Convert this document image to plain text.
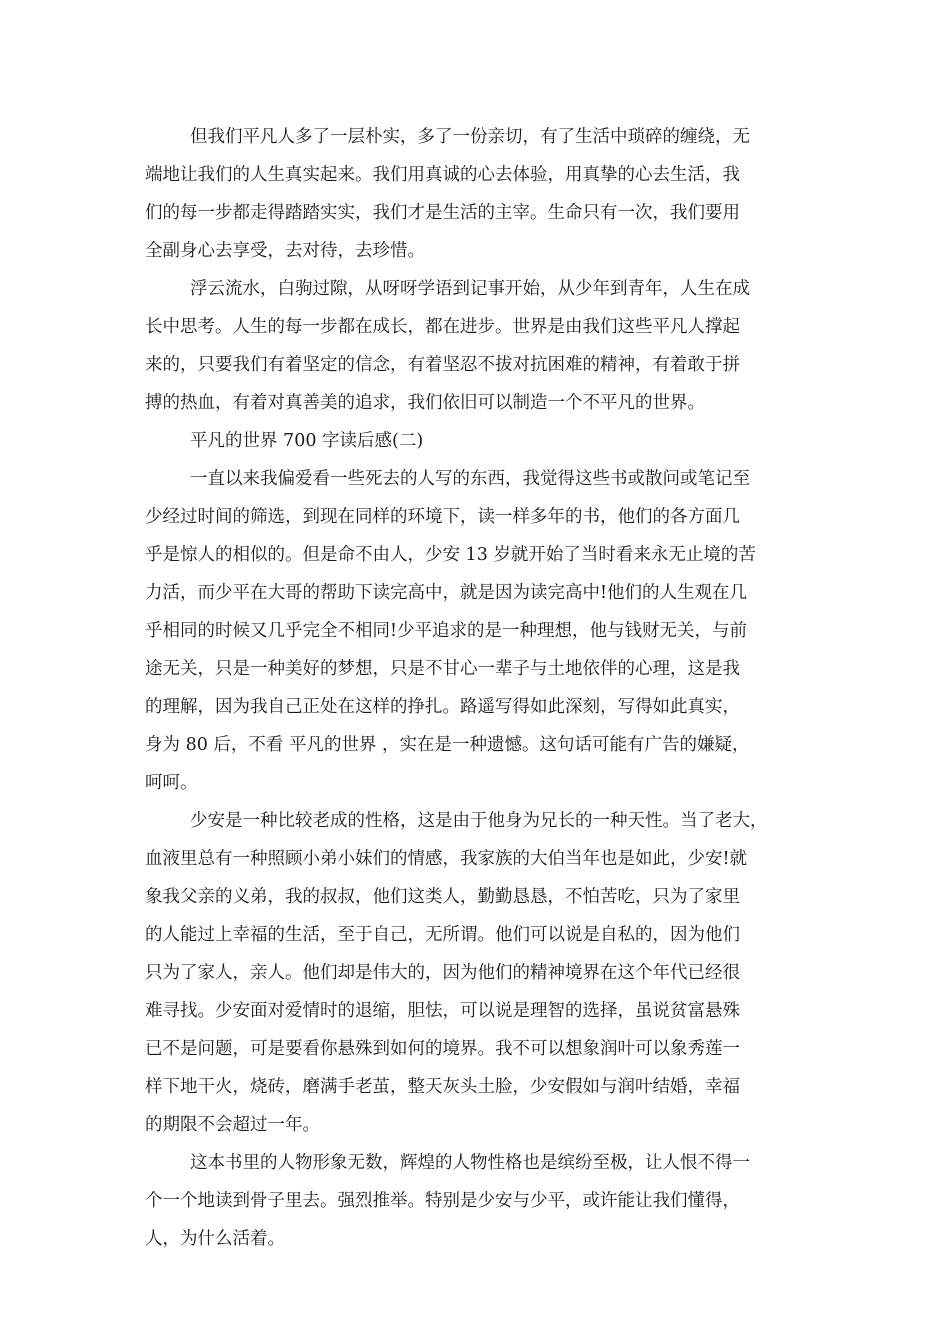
但我们平凡人多了一层朴实，多了一份亲切，有了生活中琐碎的缠绕，无
端地让我们的人生真实起来。我们用真诚的心去体验，用真挚的心去生活，我
们的每一步都走得踏踏实实，我们才是生活的主宰。生命只有一次，我们要用
全副身心去享受，去对待，去珍惜。
浮云流水，白驹过隙，从呀呀学语到记事开始，从少年到青年，人生在成
长中思考。人生的每一步都在成长，都在进步。世界是由我们这些平凡人撑起
来的，只要我们有着坚定的信念，有着坚忍不拔对抗困难的精神，有着敢于拼
搏的热血，有着对真善美的追求，我们依旧可以制造一个不平凡的世界。
平凡的世界 700 字读后感(二)
一直以来我偏爱看一些死去的人写的东西，我觉得这些书或散问或笔记至
少经过时间的筛选，到现在同样的环境下，读一样多年的书，他们的各方面几
乎是惊人的相似的。但是命不由人，少安 13 岁就开始了当时看来永无止境的苦
力活，而少平在大哥的帮助下读完高中，就是因为读完高中!他们的人生观在几
乎相同的时候又几乎完全不相同!少平追求的是一种理想，他与钱财无关，与前
途无关，只是一种美好的梦想，只是不甘心一辈子与土地依伴的心理，这是我
的理解，因为我自己正处在这样的挣扎。路遥写得如此深刻，写得如此真实，
身为 80 后，不看 平凡的世界 ，实在是一种遗憾。这句话可能有广告的嫌疑，
呵呵。
少安是一种比较老成的性格，这是由于他身为兄长的一种天性。当了老大，
血液里总有一种照顾小弟小妹们的情感，我家族的大伯当年也是如此，少安!就
象我父亲的义弟，我的叔叔，他们这类人，勤勤恳恳，不怕苦吃，只为了家里
的人能过上幸福的生活，至于自己，无所谓。他们可以说是自私的，因为他们
只为了家人，亲人。他们却是伟大的，因为他们的精神境界在这个年代已经很
难寻找。少安面对爱情时的退缩，胆怯，可以说是理智的选择，虽说贫富悬殊
已不是问题，可是要看你悬殊到如何的境界。我不可以想象润叶可以象秀莲一
样下地干火，烧砖，磨满手老茧，整天灰头土脸，少安假如与润叶结婚，幸福
的期限不会超过一年。
这本书里的人物形象无数，辉煌的人物性格也是缤纷至极，让人恨不得一
个一个地读到骨子里去。强烈推举。特别是少安与少平，或许能让我们懂得，
人，为什么活着。
